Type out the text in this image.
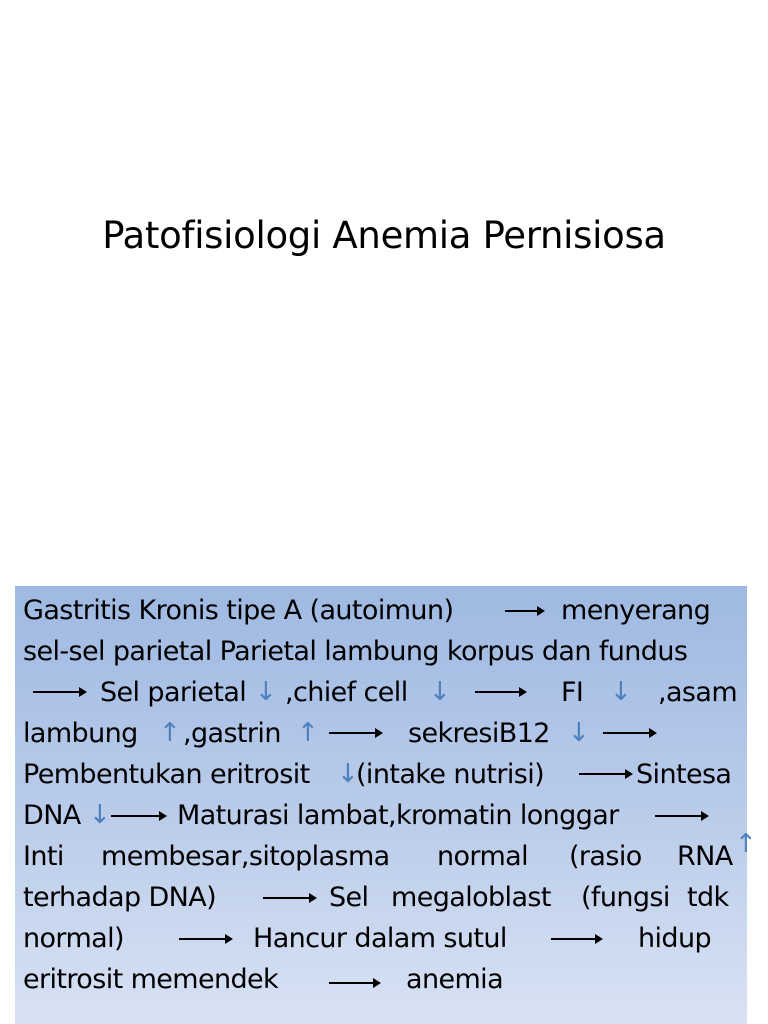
Patofisiologi Anemia Pernisiosa
Gastritis Kronis tipe A (autoimun)	menyerang
sel-sel parietal Parietal lambung korpus dan fundus
Sel parietal ↓ ,chief cell ↓	FI ↓ ,asam
lambung ↑ ,gastrin ↑	sekresiB12 ↓
Pembentukan eritrosit ↓
(intake nutrisi)	Sintesa
DNA ↓ Maturasi lambat,kromatin longgar
Inti membesar,sitoplasma normal (rasio RNA ↑
terhadap DNA)	Sel megaloblast (fungsi tdk
normal)	Hancur dalam sutul	hidup
eritrosit memendek	anemia
